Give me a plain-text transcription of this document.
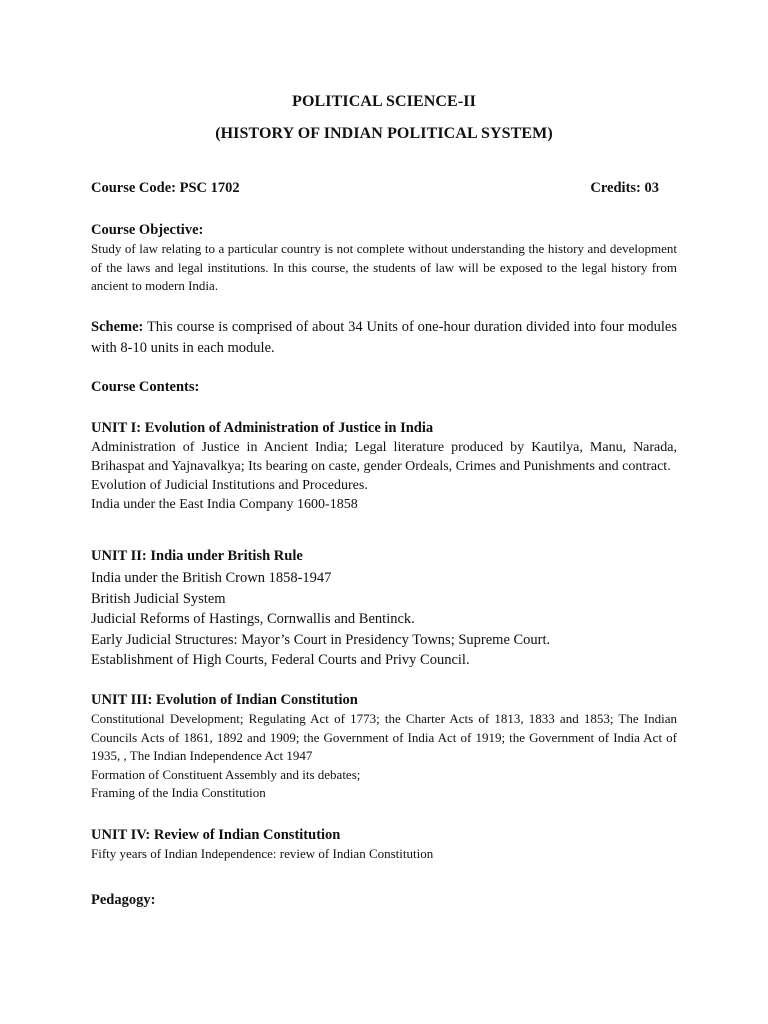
POLITICAL SCIENCE-II
(HISTORY OF INDIAN POLITICAL SYSTEM)
Course Code: PSC 1702	Credits: 03

Course Objective:

Study of law relating to a particular country is not complete without understanding the history and development of the laws and legal institutions. In this course, the students of law will be exposed to the legal history from ancient to modern India.

Scheme: This course is comprised of about 34 Units of one-hour duration divided into four modules with 8-10 units in each module.

Course Contents:

UNIT I: Evolution of Administration of Justice in India

Administration of Justice in Ancient India; Legal literature produced by Kautilya, Manu, Narada, Brihaspat and Yajnavalkya; Its bearing on caste, gender Ordeals, Crimes and Punishments and contract.

Evolution of Judicial Institutions and Procedures.

India under the East India Company 1600-1858

UNIT II: India under British Rule

India under the British Crown 1858-1947

British Judicial System

Judicial Reforms of Hastings, Cornwallis and Bentinck.

Early Judicial Structures: Mayor’s Court in Presidency Towns; Supreme Court.

Establishment of High Courts, Federal Courts and Privy Council.

UNIT III: Evolution of Indian Constitution

Constitutional Development; Regulating Act of 1773; the Charter Acts of 1813, 1833 and 1853; The Indian Councils Acts of 1861, 1892 and 1909; the Government of India Act of 1919; the Government of India Act of 1935, , The Indian Independence Act 1947

Formation of Constituent Assembly and its debates;

Framing of the India Constitution

UNIT IV: Review of Indian Constitution

Fifty years of Indian Independence: review of Indian Constitution

Pedagogy:
